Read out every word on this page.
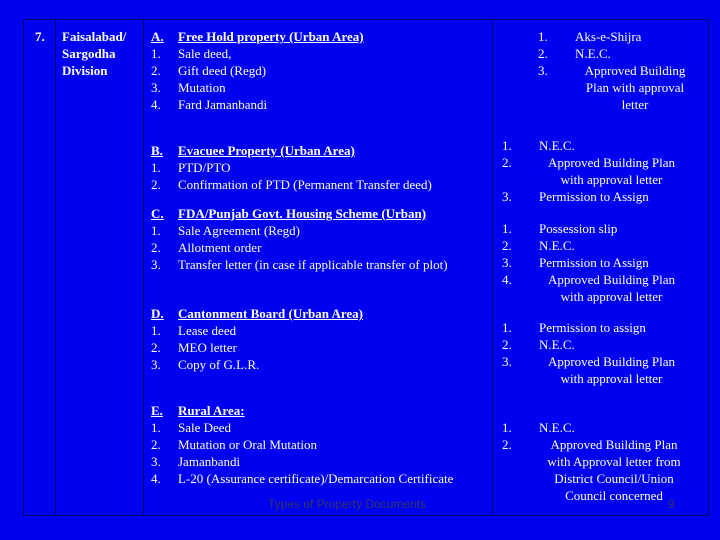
7. Faisalabad/
Sargodha
Division
A.	Free Hold property (Urban Area)
1.	Sale deed,
2.	Gift deed (Regd)
3.	Mutation
4.	Fard Jamanbandi
1.	Aks-e-Shijra
2.	N.E.C.
3.	Approved Building Plan with approval letter
B.	Evacuee Property (Urban Area)
1.	PTD/PTO
2.	Confirmation of PTD (Permanent Transfer deed)
1.	N.E.C.
2.	Approved Building Plan with approval letter
3.	Permission to Assign
C.	FDA/Punjab Govt. Housing Scheme (Urban)
1.	Sale Agreement (Regd)
2.	Allotment order
3.	Transfer letter (in case if applicable transfer of plot)
1.	Possession slip
2.	N.E.C.
3.	Permission to Assign
4.	Approved Building Plan with approval letter
D.	Cantonment Board (Urban Area)
1.	Lease deed
2.	MEO letter
3.	Copy of G.L.R.
1.	Permission to assign
2.	N.E.C.
3.	Approved Building Plan with approval letter
E.	Rural Area:
1.	Sale Deed
2.	Mutation or Oral Mutation
3.	Jamanbandi
4.	L-20 (Assurance certificate)/Demarcation Certificate
1.	N.E.C.
2.	Approved Building Plan with Approval letter from District Council/Union Council concerned
Types of Property Documents	9
